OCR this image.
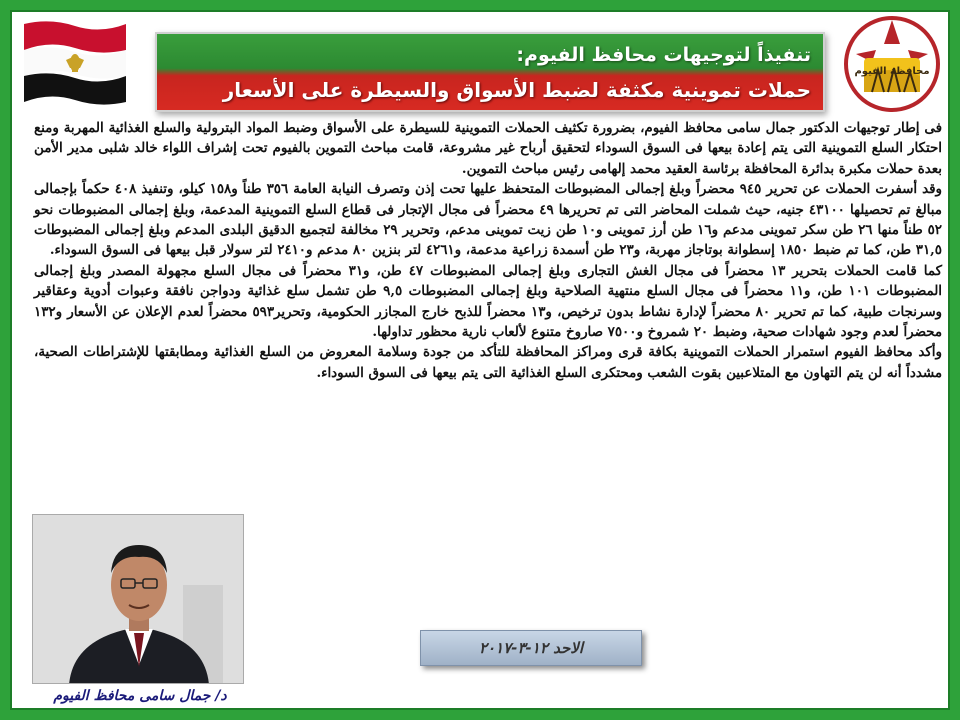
محافظة الفيوم
تنفيذاً لتوجيهات محافظ الفيوم:
حملات تموينية مكثفة لضبط الأسواق والسيطرة على الأسعار

فى إطار توجيهات الدكتور جمال سامى محافظ الفيوم، بضرورة تكثيف الحملات التموينية للسيطرة على الأسواق وضبط المواد البترولية والسلع الغذائية المهربة ومنع احتكار السلع التموينية التى يتم إعادة بيعها فى السوق السوداء لتحقيق أرباح غير مشروعة، قامت مباحث التموين بالفيوم تحت إشراف اللواء خالد شلبى مدير الأمن بعدة حملات مكبرة بدائرة المحافظة برئاسة العقيد محمد إلهامى رئيس مباحث التموين.

وقد أسفرت الحملات عن تحرير ٩٤٥ محضراً وبلغ إجمالى المضبوطات المتحفظ عليها تحت إذن وتصرف النيابة العامة ٣٥٦ طناً و١٥٨ كيلو، وتنفيذ ٤٠٨ حكماً بإجمالى مبالغ تم تحصيلها ٤٣١٠٠ جنيه، حيث شملت المحاضر التى تم تحريرها ٤٩ محضراً فى مجال الإتجار فى قطاع السلع التموينية المدعمة، وبلغ إجمالى المضبوطات نحو ٥٢ طناً منها ٢٦ طن سكر تموينى مدعم و١٦ طن أرز تموينى و١٠ طن زيت تموينى مدعم، وتحرير ٢٩ مخالفة لتجميع الدقيق البلدى المدعم وبلغ إجمالى المضبوطات ٣١,٥ طن، كما تم ضبط ١٨٥٠ إسطوانة بوتاجاز مهربة، و٢٣ طن أسمدة زراعية مدعمة، و٤٢٦١ لتر بنزين ٨٠ مدعم و٢٤١٠ لتر سولار قبل بيعها فى السوق السوداء.

كما قامت الحملات بتحرير ١٣ محضراً فى مجال الغش التجارى وبلغ إجمالى المضبوطات ٤٧ طن، و٣١ محضراً فى مجال السلع مجهولة المصدر وبلغ إجمالى المضبوطات ١٠١ طن، و١١ محضراً فى مجال السلع منتهية الصلاحية وبلغ إجمالى المضبوطات ٩,٥ طن تشمل سلع غذائية ودواجن نافقة وعبوات أدوية وعقاقير وسرنجات طبية، كما تم تحرير ٨٠ محضراً لإدارة نشاط بدون ترخيص، و١٣ محضراً للذبح خارج المجازر الحكومية، وتحرير٥٩٣ محضراً لعدم الإعلان عن الأسعار و١٣٢ محضراً لعدم وجود شهادات صحية، وضبط ٢٠ شمروخ و٧٥٠٠ صاروخ متنوع لألعاب نارية محظور تداولها.

وأكد محافظ الفيوم استمرار الحملات التموينية بكافة قرى ومراكز المحافظة للتأكد من جودة وسلامة المعروض من السلع الغذائية ومطابقتها للإشتراطات الصحية، مشدداً أنه لن يتم التهاون مع المتلاعبين بقوت الشعب ومحتكرى السلع الغذائية التى يتم بيعها فى السوق السوداء.

د/ جمال سامى محافظ الفيوم
الاحد ١٢-٣-٢٠١٧
